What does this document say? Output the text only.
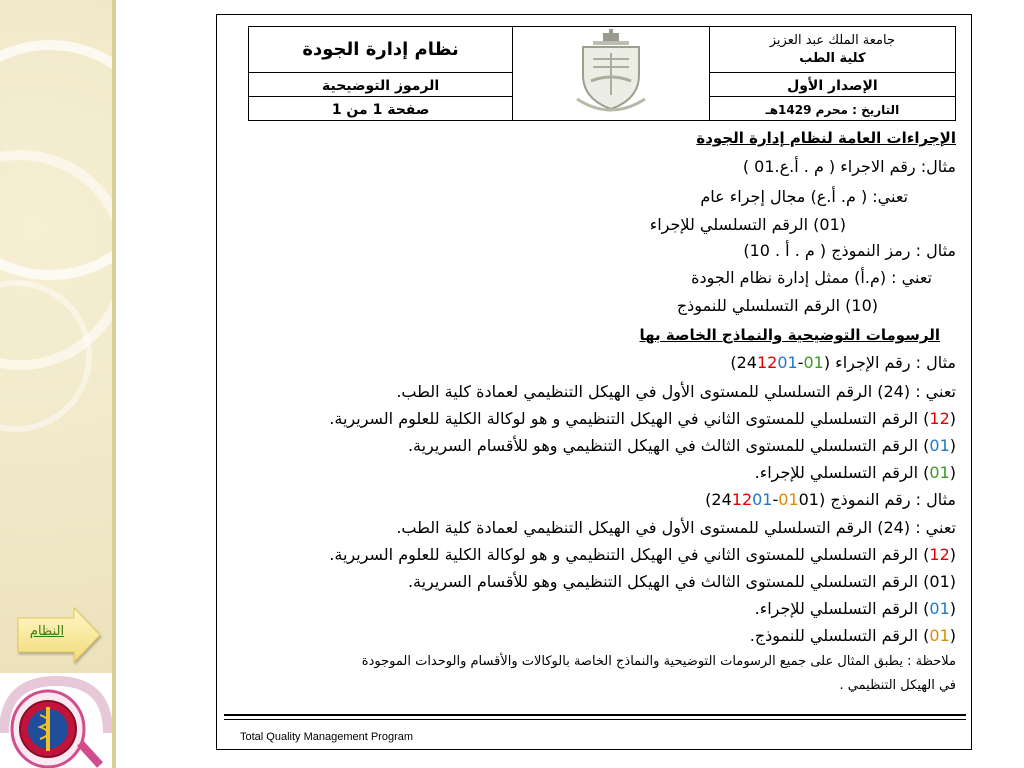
النظام
نظام إدارة الجودة		جامعة الملك عبد العزيز
كلية الطب

الرموز التوضيحية		الإصدار الأول
صفحة 1 من 1		التاريخ : محرم 1429هـ
الإجراءات العامة لنظام إدارة الجودة
مثال: رقم الاجراء ( م . أ.ع.01 )
تعني: ( م. أ.ع) مجال إجراء عام
(01) الرقم التسلسلي للإجراء
مثال : رمز النموذج ( م . أ . 10)
تعني : (م.أ) ممثل إدارة نظام الجودة
(10) الرقم التسلسلي للنموذج
الرسومات التوضيحية والنماذج الخاصة بها
مثال : رقم الإجراء (241201-01)
تعني : (24) الرقم التسلسلي للمستوى الأول في الهيكل التنظيمي لعمادة كلية الطب.
(12) الرقم التسلسلي للمستوى الثاني في الهيكل التنظيمي و هو لوكالة الكلية للعلوم السريرية.
(01) الرقم التسلسلي للمستوى الثالث في الهيكل التنظيمي وهو للأقسام السريرية.
(01) الرقم التسلسلي للإجراء.
مثال : رقم النموذج (241201-0101)
تعني : (24) الرقم التسلسلي للمستوى الأول في الهيكل التنظيمي لعمادة كلية الطب.
(12) الرقم التسلسلي للمستوى الثاني في الهيكل التنظيمي و هو لوكالة الكلية للعلوم السريرية.
(01) الرقم التسلسلي للمستوى الثالث في الهيكل التنظيمي وهو للأقسام السريرية.
(01) الرقم التسلسلي للإجراء.
(01) الرقم التسلسلي للنموذج.
ملاحظة : يطبق المثال على جميع الرسومات التوضيحية والنماذج الخاصة بالوكالات والأقسام والوحدات الموجودة
في الهيكل التنظيمي .
Total Quality Management Program
